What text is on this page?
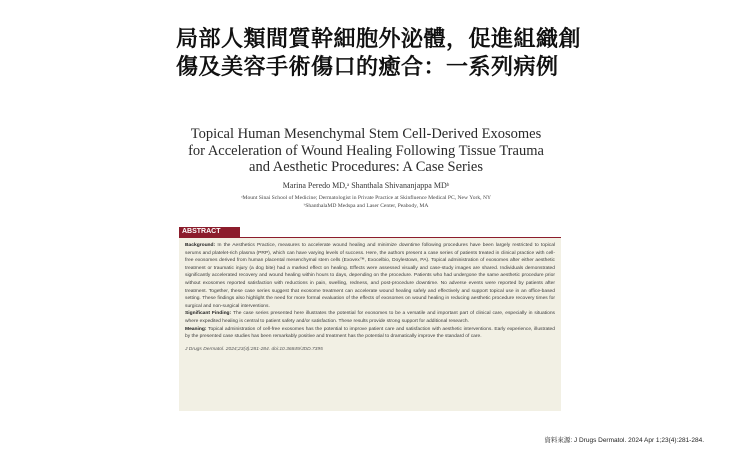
局部人類間質幹細胞外泌體，促進組織創傷及美容手術傷口的癒合：一系列病例
Topical Human Mesenchymal Stem Cell-Derived Exosomes
for Acceleration of Wound Healing Following Tissue Trauma
and Aesthetic Procedures: A Case Series
Marina Peredo MD,ᵃ Shanthala Shivananjappa MDᵇ
ᵃMount Sinai School of Medicine; Dermatologist in Private Practice at Skinfluence Medical PC, New York, NY
ᵇShanthalaMD Medspa and Laser Center, Peabody, MA
ABSTRACT

Background: In the Aesthetics Practice, measures to accelerate wound healing and minimize downtime following procedures have been largely restricted to topical serums and platelet-rich plasma (PRP), which can have varying levels of success. Here, the authors present a case series of patients treated in clinical practice with cell-free exosomes derived from human placental mesenchymal stem cells (Exovex™, Exocelbio, Doylestown, PA). Topical administration of exosomes after either aesthetic treatment or traumatic injury (a dog bite) had a marked effect on healing. Effects were assessed visually and case-study images are shared. Individuals demonstrated significantly accelerated recovery and wound healing within hours to days, depending on the procedure. Patients who had undergone the same aesthetic procedure prior without exosomes reported satisfaction with reductions in pain, swelling, redness, and post-procedure downtime. No adverse events were reported by patients after treatment. Together, these case series suggest that exosome treatment can accelerate wound healing safely and effectively and support topical use in an office-based setting. These findings also highlight the need for more formal evaluation of the effects of exosomes on wound healing in reducing aesthetic procedure recovery times for surgical and non-surgical interventions.

Significant Finding: The case series presented here illustrates the potential for exosomes to be a versatile and important part of clinical care, especially in situations where expedited healing is central to patient safety and/or satisfaction. These results provide strong support for additional research.

Meaning: Topical administration of cell-free exosomes has the potential to improve patient care and satisfaction with aesthetic interventions. Early experience, illustrated by the presented case studies has been remarkably positive and treatment has the potential to dramatically improve the standard of care.

J Drugs Dermatol. 2024;23(4):281-284. doi:10.36849/JDD.7395

資料來源: J Drugs Dermatol. 2024 Apr 1;23(4):281-284.
